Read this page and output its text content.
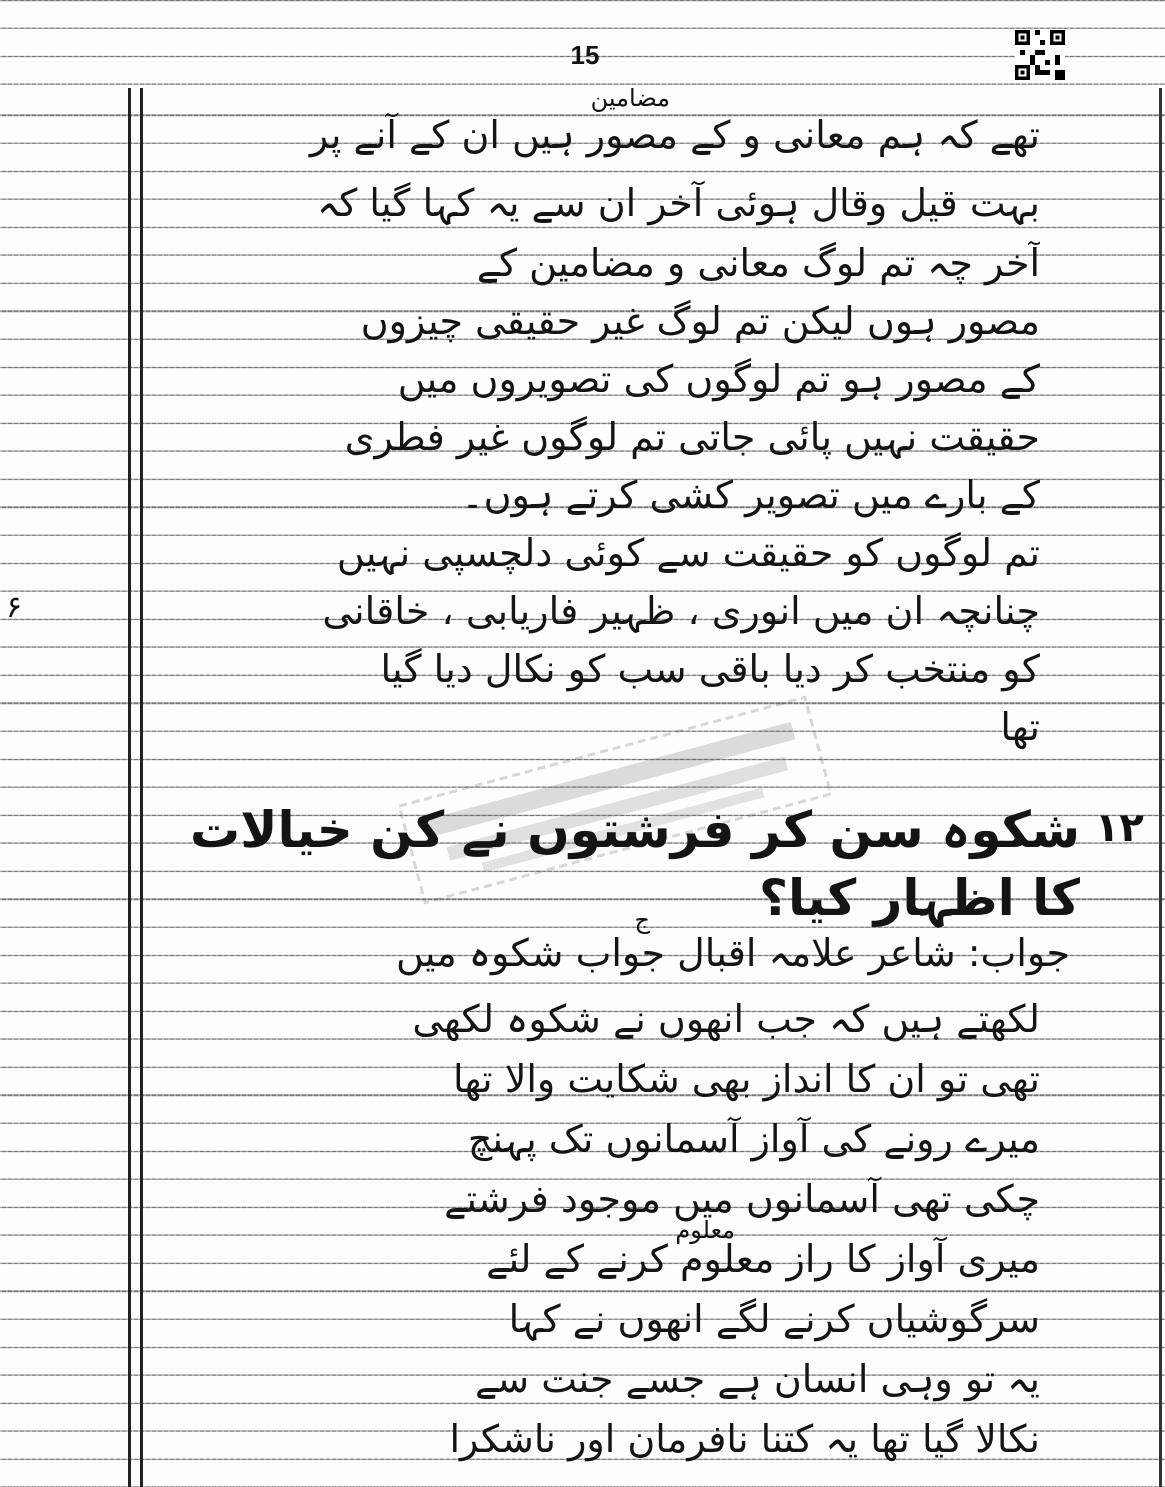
15
۶
۱۲
مضامین
تھے کہ ہم معانی و کے مصور ہیں ان کے آنے پر
بہت قیل وقال ہوئی آخر ان سے یہ کہا گیا کہ
آخر چہ تم لوگ معانی و مضامین کے
مصور ہوں لیکن تم لوگ غیر حقیقی چیزوں
کے مصور ہو تم لوگوں کی تصویروں میں
حقیقت نہیں پائی جاتی تم لوگوں غیر فطری
کے بارے میں تصویر کشی کرتے ہوں۔
تم لوگوں کو حقیقت سے کوئی دلچسپی نہیں
چنانچہ ان میں انوری ، ظہیر فاریابی ، خاقانی
کو منتخب کر دیا باقی سب کو نکال دیا گیا
تھا
شکوہ سن کر فرشتوں نے کن خیالات
کا اظہار کیا؟
ج
جواب: شاعر علامہ اقبال جواب شکوہ میں
لکھتے ہیں کہ جب انھوں نے شکوہ لکھی
تھی تو ان کا انداز بھی شکایت والا تھا
میرے رونے کی آواز آسمانوں تک پہنچ
چکی تھی آسمانوں میں موجود فرشتے
معلوم
میری آواز کا راز معلوم کرنے کے لئے
سرگوشیاں کرنے لگے انھوں نے کہا
یہ تو وہی انسان ہے جسے جنت سے
نکالا گیا تھا یہ کتنا نافرمان اور ناشکرا
